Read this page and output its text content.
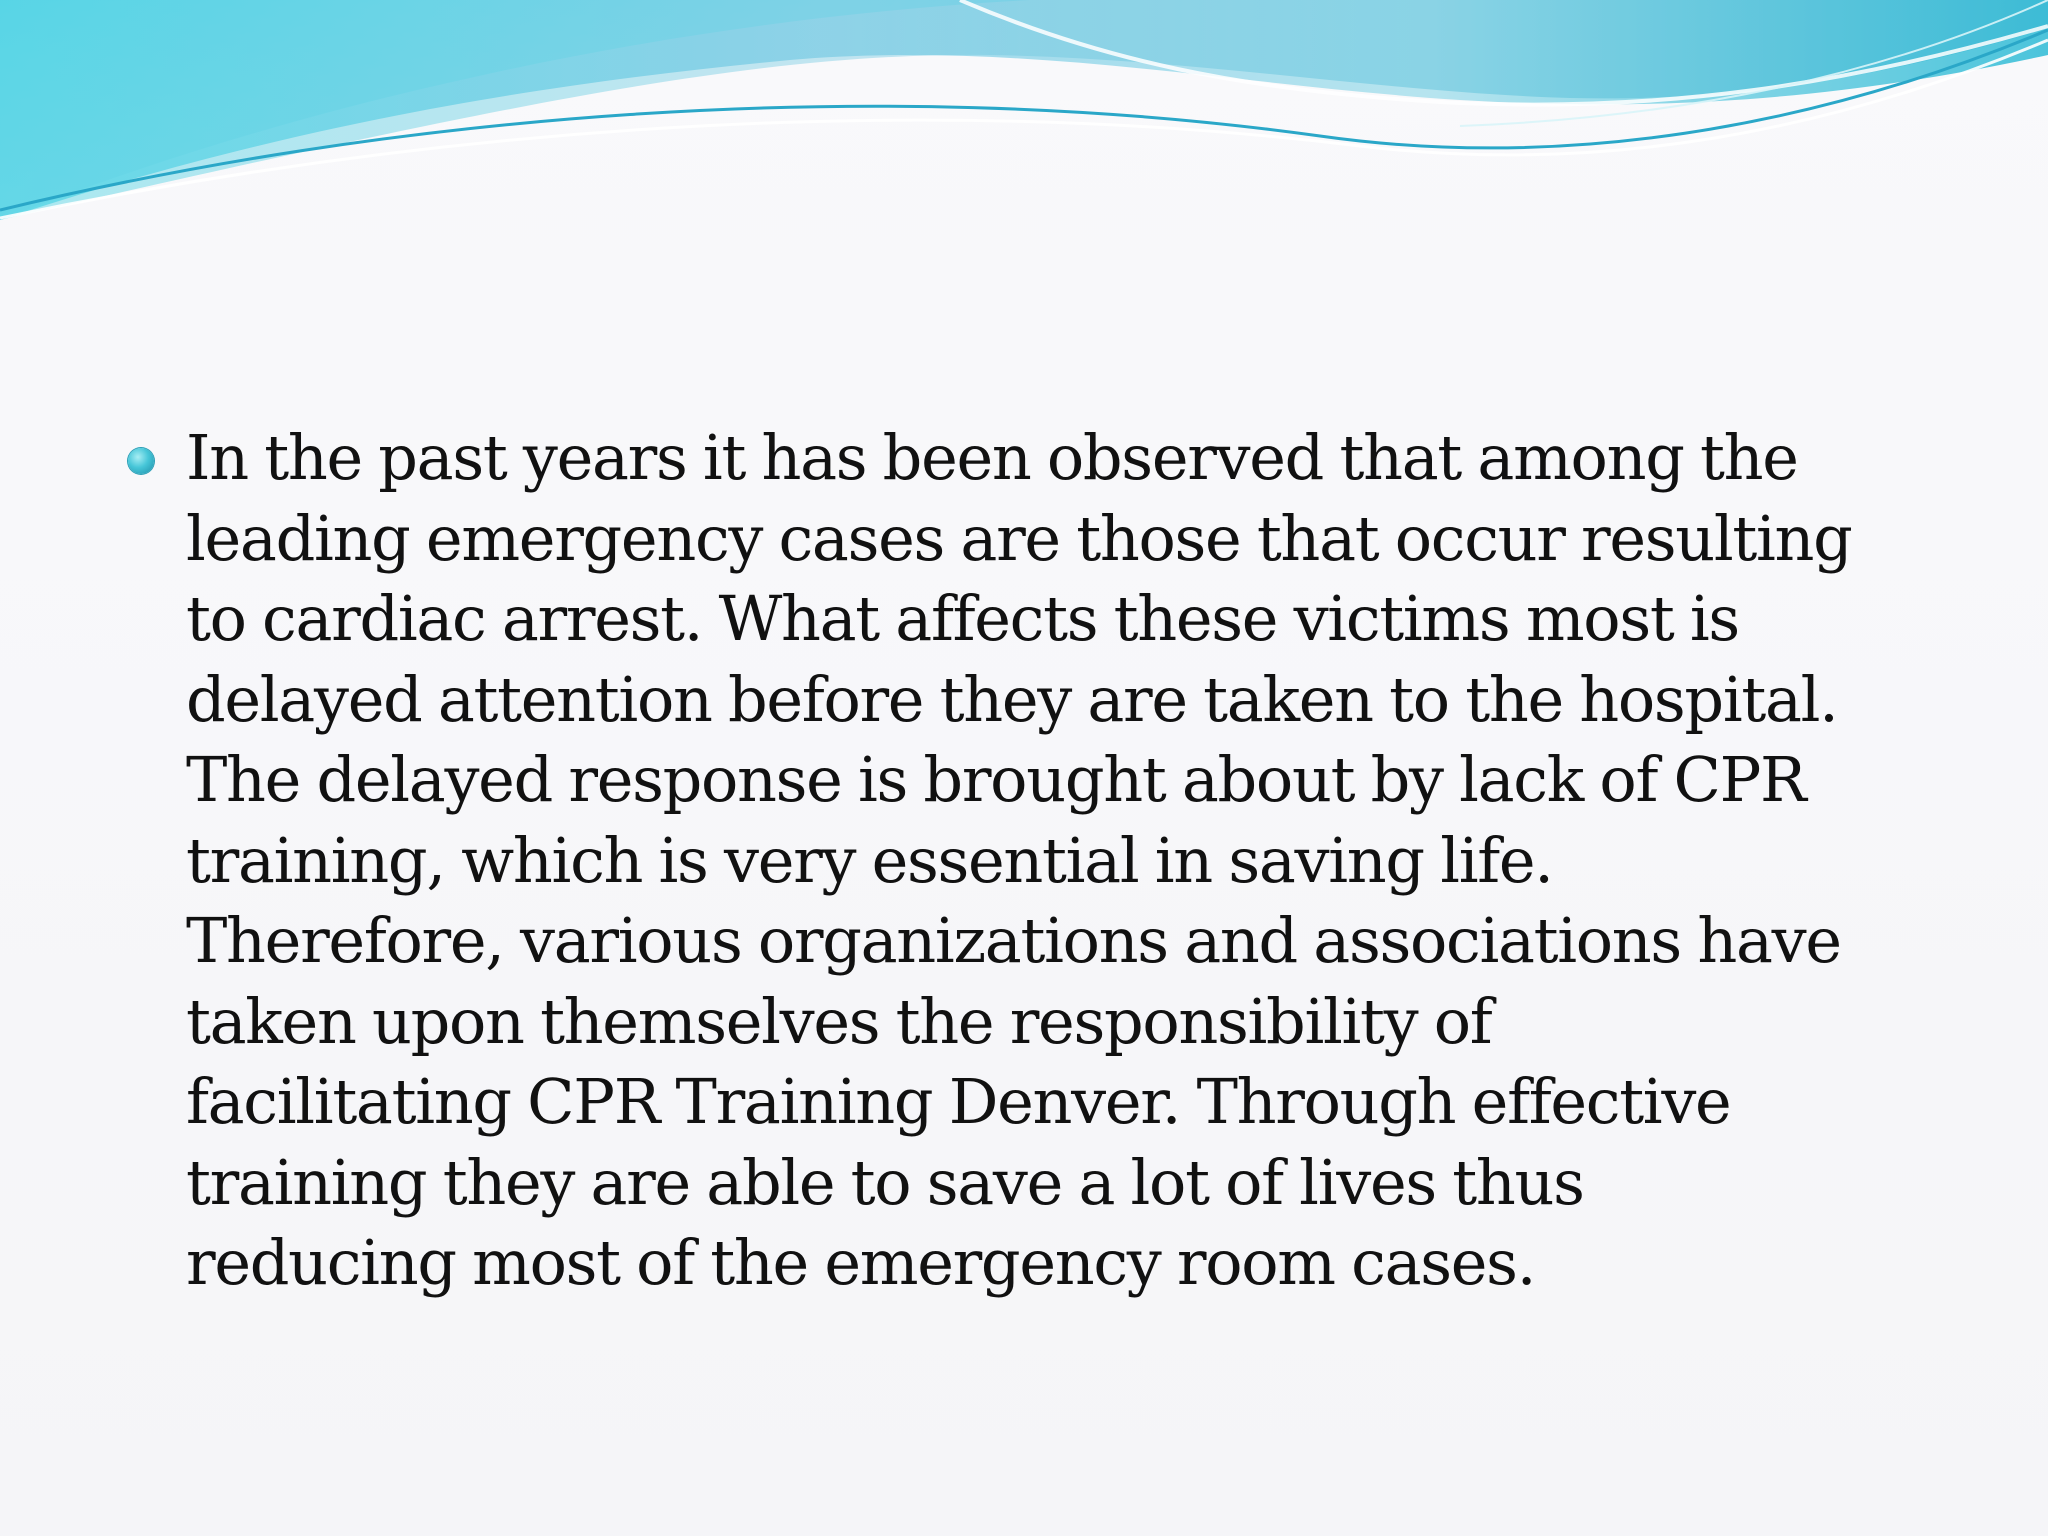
In the past years it has been observed that among the
leading emergency cases are those that occur resulting
to cardiac arrest. What affects these victims most is
delayed attention before they are taken to the hospital.
The delayed response is brought about by lack of CPR
training, which is very essential in saving life.
Therefore, various organizations and associations have
taken upon themselves the responsibility of
facilitating CPR Training Denver. Through effective
training they are able to save a lot of lives thus
reducing most of the emergency room cases.
